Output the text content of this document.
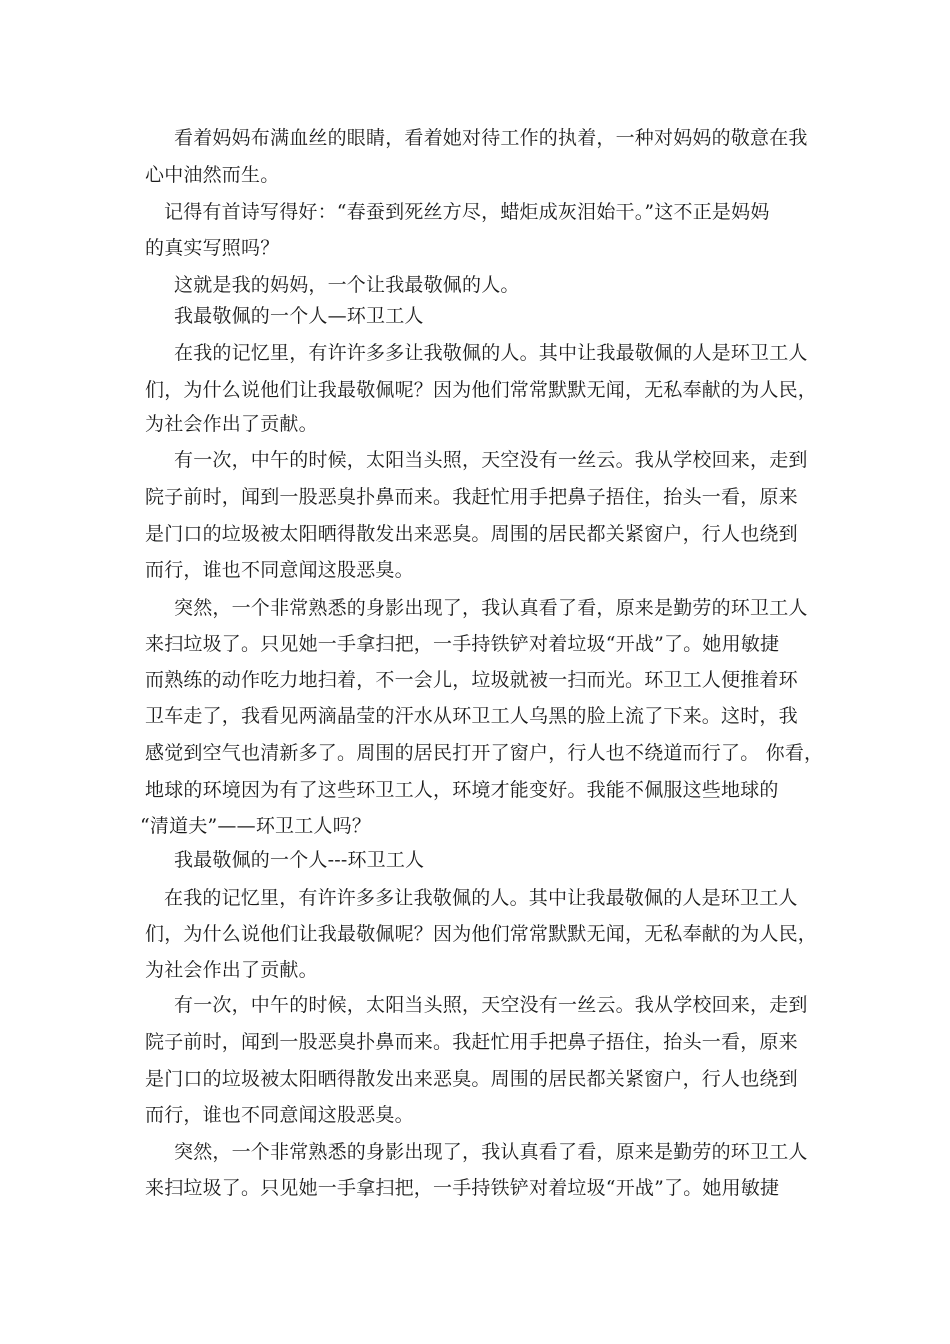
看着妈妈布满血丝的眼睛，看着她对待工作的执着，一种对妈妈的敬意在我
心中油然而生。
记得有首诗写得好：“春蚕到死丝方尽，蜡炬成灰泪始干。”这不正是妈妈
的真实写照吗？
这就是我的妈妈，一个让我最敬佩的人。
我最敬佩的一个人—环卫工人
在我的记忆里，有许许多多让我敬佩的人。其中让我最敬佩的人是环卫工人
们，为什么说他们让我最敬佩呢？因为他们常常默默无闻，无私奉献的为人民，
为社会作出了贡献。
有一次，中午的时候，太阳当头照，天空没有一丝云。我从学校回来，走到
院子前时，闻到一股恶臭扑鼻而来。我赶忙用手把鼻子捂住，抬头一看，原来
是门口的垃圾被太阳晒得散发出来恶臭。周围的居民都关紧窗户，行人也绕到
而行，谁也不同意闻这股恶臭。
突然，一个非常熟悉的身影出现了，我认真看了看，原来是勤劳的环卫工人
来扫垃圾了。只见她一手拿扫把，一手持铁铲对着垃圾“开战”了。她用敏捷
而熟练的动作吃力地扫着，不一会儿，垃圾就被一扫而光。环卫工人便推着环
卫车走了，我看见两滴晶莹的汗水从环卫工人乌黑的脸上流了下来。这时，我
感觉到空气也清新多了。周围的居民打开了窗户，行人也不绕道而行了。 你看，
地球的环境因为有了这些环卫工人，环境才能变好。我能不佩服这些地球的
“清道夫”——环卫工人吗？
我最敬佩的一个人---环卫工人
在我的记忆里，有许许多多让我敬佩的人。其中让我最敬佩的人是环卫工人
们，为什么说他们让我最敬佩呢？因为他们常常默默无闻，无私奉献的为人民，
为社会作出了贡献。
有一次，中午的时候，太阳当头照，天空没有一丝云。我从学校回来，走到
院子前时，闻到一股恶臭扑鼻而来。我赶忙用手把鼻子捂住，抬头一看，原来
是门口的垃圾被太阳晒得散发出来恶臭。周围的居民都关紧窗户，行人也绕到
而行，谁也不同意闻这股恶臭。
突然，一个非常熟悉的身影出现了，我认真看了看，原来是勤劳的环卫工人
来扫垃圾了。只见她一手拿扫把，一手持铁铲对着垃圾“开战”了。她用敏捷
